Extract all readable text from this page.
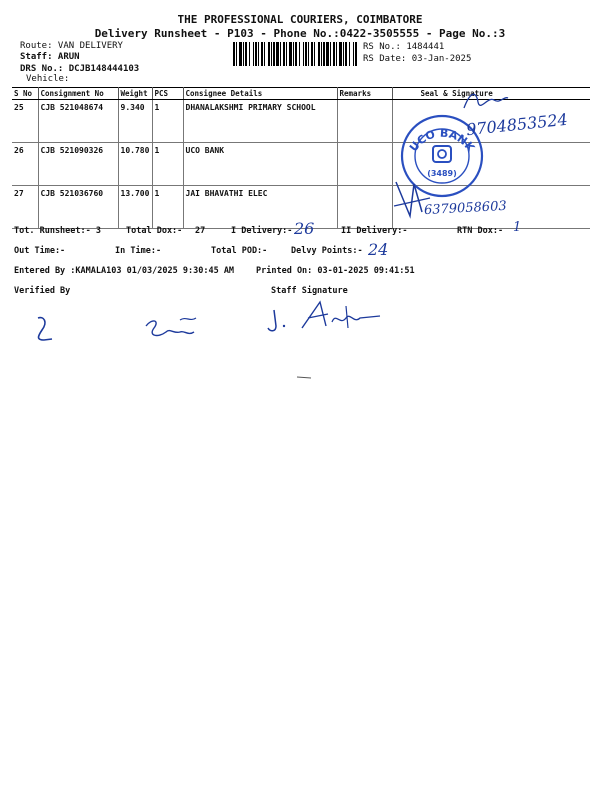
THE PROFESSIONAL COURIERS, COIMBATORE
Delivery Runsheet - P103 - Phone No.:0422-3505555 - Page No.:3
Route: VAN DELIVERY
Staff: ARUN
DRS No.: DCJB148444103
Vehicle:
RS No.: 1484441
RS Date: 03-Jan-2025
S No	Consignment No	Weight	PCS	Consignee Details	Remarks	Seal & Signature
25	CJB 521048674	9.340	1	DHANALAKSHMI PRIMARY SCHOOL		
26	CJB 521090326	10.780	1	UCO BANK		
27	CJB 521036760	13.700	1	JAI BHAVATHI ELEC		
UCO BANK
(3489)
9704853524
6379058603
Tot. Runsheet:- 3	Total Dox:- 27	I Delivery:- 26	II Delivery:-	RTN Dox:- 1
Out Time:-	In Time:-	Total POD:-	Delvy Points:- 24
Entered By :KAMALA103 01/03/2025 9:30:45 AM	Printed On: 03-01-2025 09:41:51
Verified By	Staff Signature
